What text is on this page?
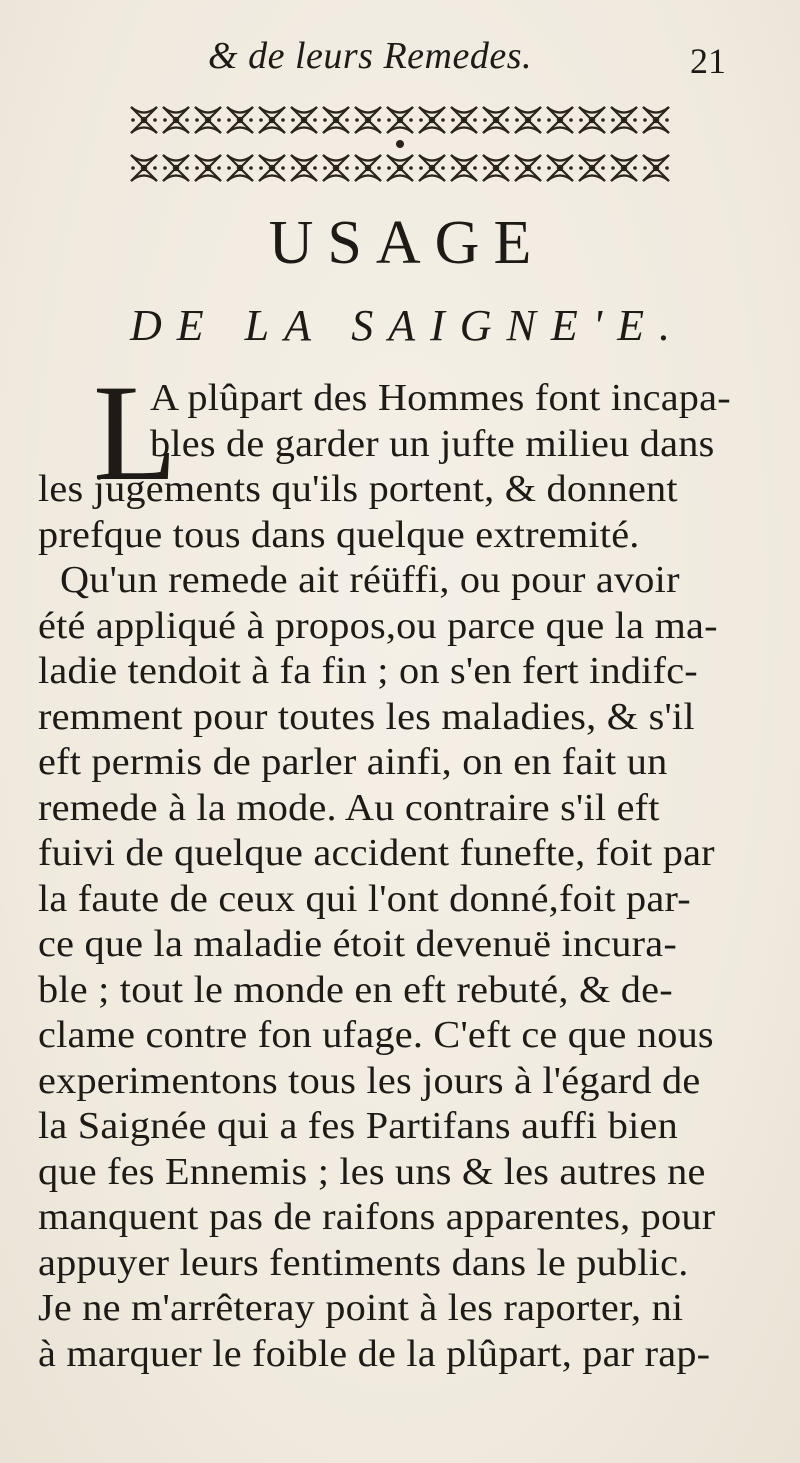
& de leurs Remedes.	21
USAGE
DE LA SAIGNE'E.
L
A plûpart des Hommes font incapa-
bles de garder un jufte milieu dans
les jugements qu'ils portent, & donnent
prefque tous dans quelque extremité.
Qu'un remede ait réüffi, ou pour avoir
été appliqué à propos,ou parce que la ma-
ladie tendoit à fa fin ; on s'en fert indifc-
remment pour toutes les maladies, & s'il
eft permis de parler ainfi, on en fait un
remede à la mode. Au contraire s'il eft
fuivi de quelque accident funefte, foit par
la faute de ceux qui l'ont donné,foit par-
ce que la maladie étoit devenuë incura-
ble ; tout le monde en eft rebuté, & de-
clame contre fon ufage. C'eft ce que nous
experimentons tous les jours à l'égard de
la Saignée qui a fes Partifans auffi bien
que fes Ennemis ; les uns & les autres ne
manquent pas de raifons apparentes, pour
appuyer leurs fentiments dans le public.
Je ne m'arrêteray point à les raporter, ni
à marquer le foible de la plûpart, par rap-
